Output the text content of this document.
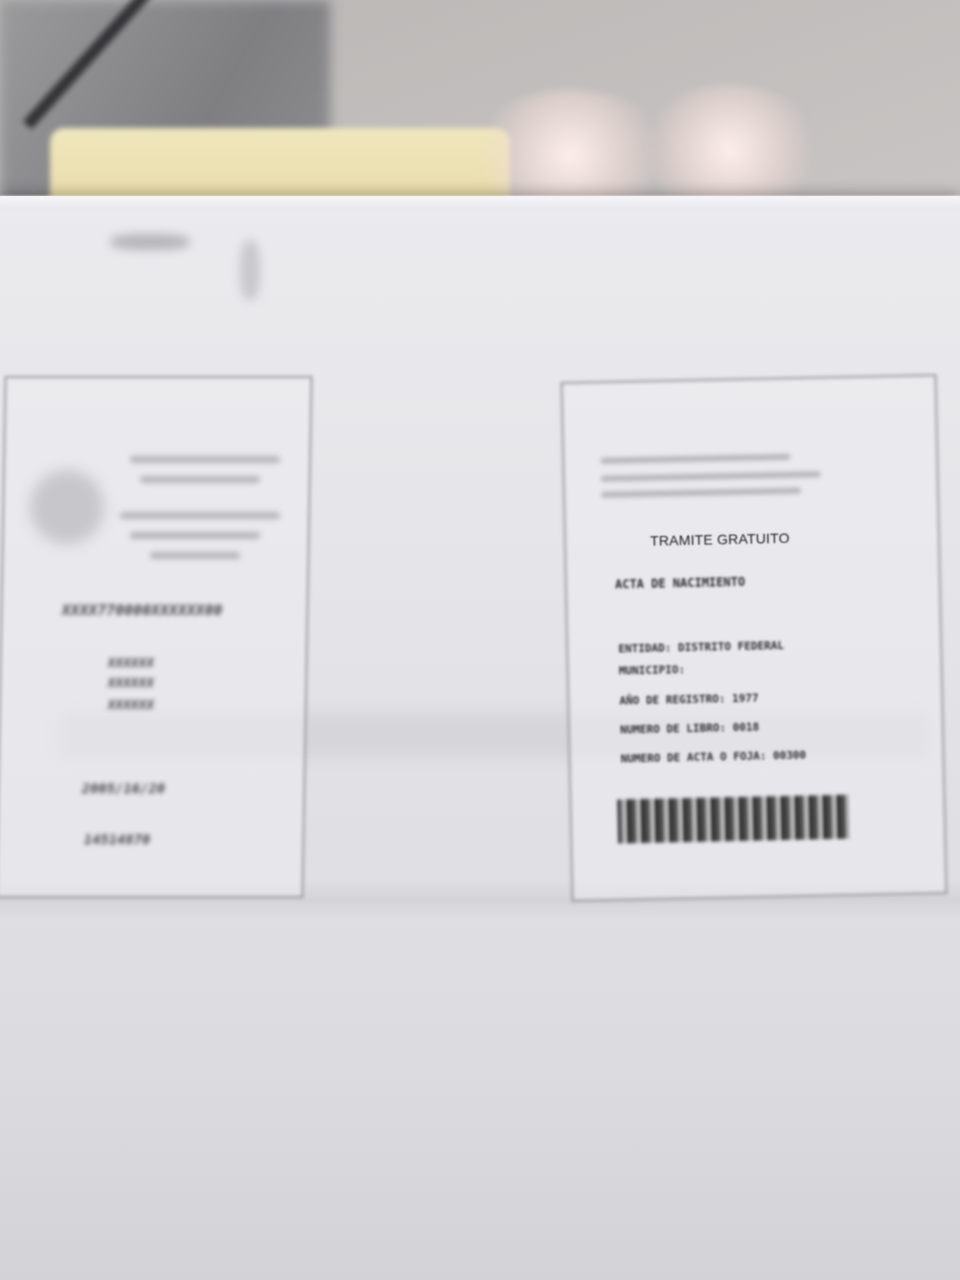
XXXX770000XXXXXX00
XXXXXX
XXXXXX
XXXXXX
2005/16/20
14514870
TRAMITE GRATUITO
ACTA DE NACIMIENTO
ENTIDAD: DISTRITO FEDERAL
MUNICIPIO:
AÑO DE REGISTRO: 1977
NUMERO DE LIBRO: 0018
NUMERO DE ACTA O FOJA: 00300
